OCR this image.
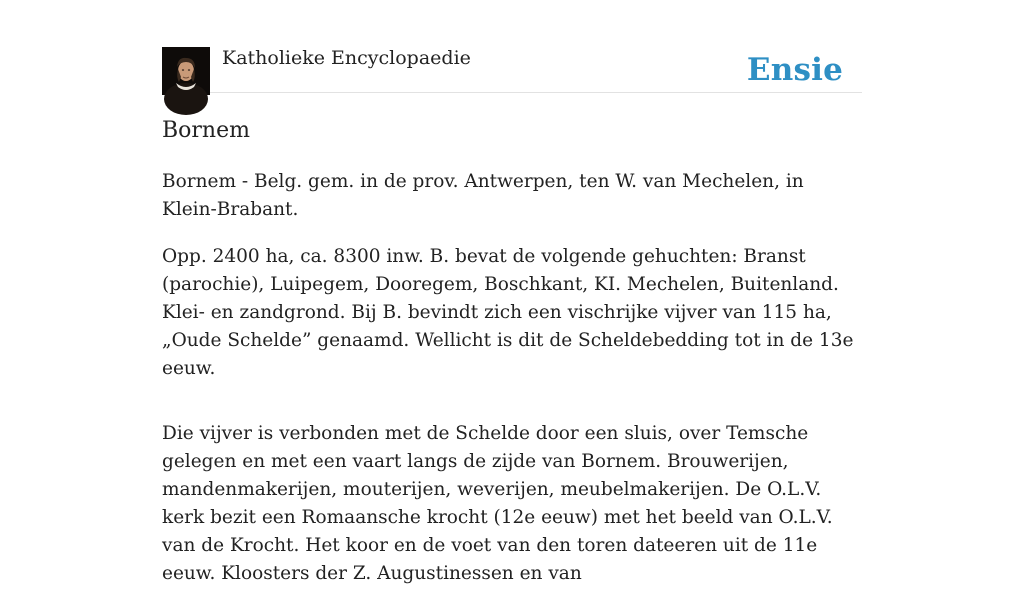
Katholieke Encyclopaedie	Ensie
Bornem

Bornem - Belg. gem. in de prov. Antwerpen, ten W. van Mechelen, in Klein-Brabant.

Opp. 2400 ha, ca. 8300 inw. B. bevat de volgende gehuchten: Branst (parochie), Luipegem, Dooregem, Boschkant, KI. Mechelen, Buitenland. Klei- en zandgrond. Bij B. bevindt zich een vischrijke vijver van 115 ha, „Oude Schelde” genaamd. Wellicht is dit de Scheldebedding tot in de 13e eeuw.

Die vijver is verbonden met de Schelde door een sluis, over Temsche gelegen en met een vaart langs de zijde van Bornem. Brouwerijen, mandenmakerijen, mouterijen, weverijen, meubelmakerijen. De O.L.V. kerk bezit een Romaansche krocht (12e eeuw) met het beeld van O.L.V. van de Krocht. Het koor en de voet van den toren dateeren uit de 11e eeuw. Kloosters der Z. Augustinessen en van
